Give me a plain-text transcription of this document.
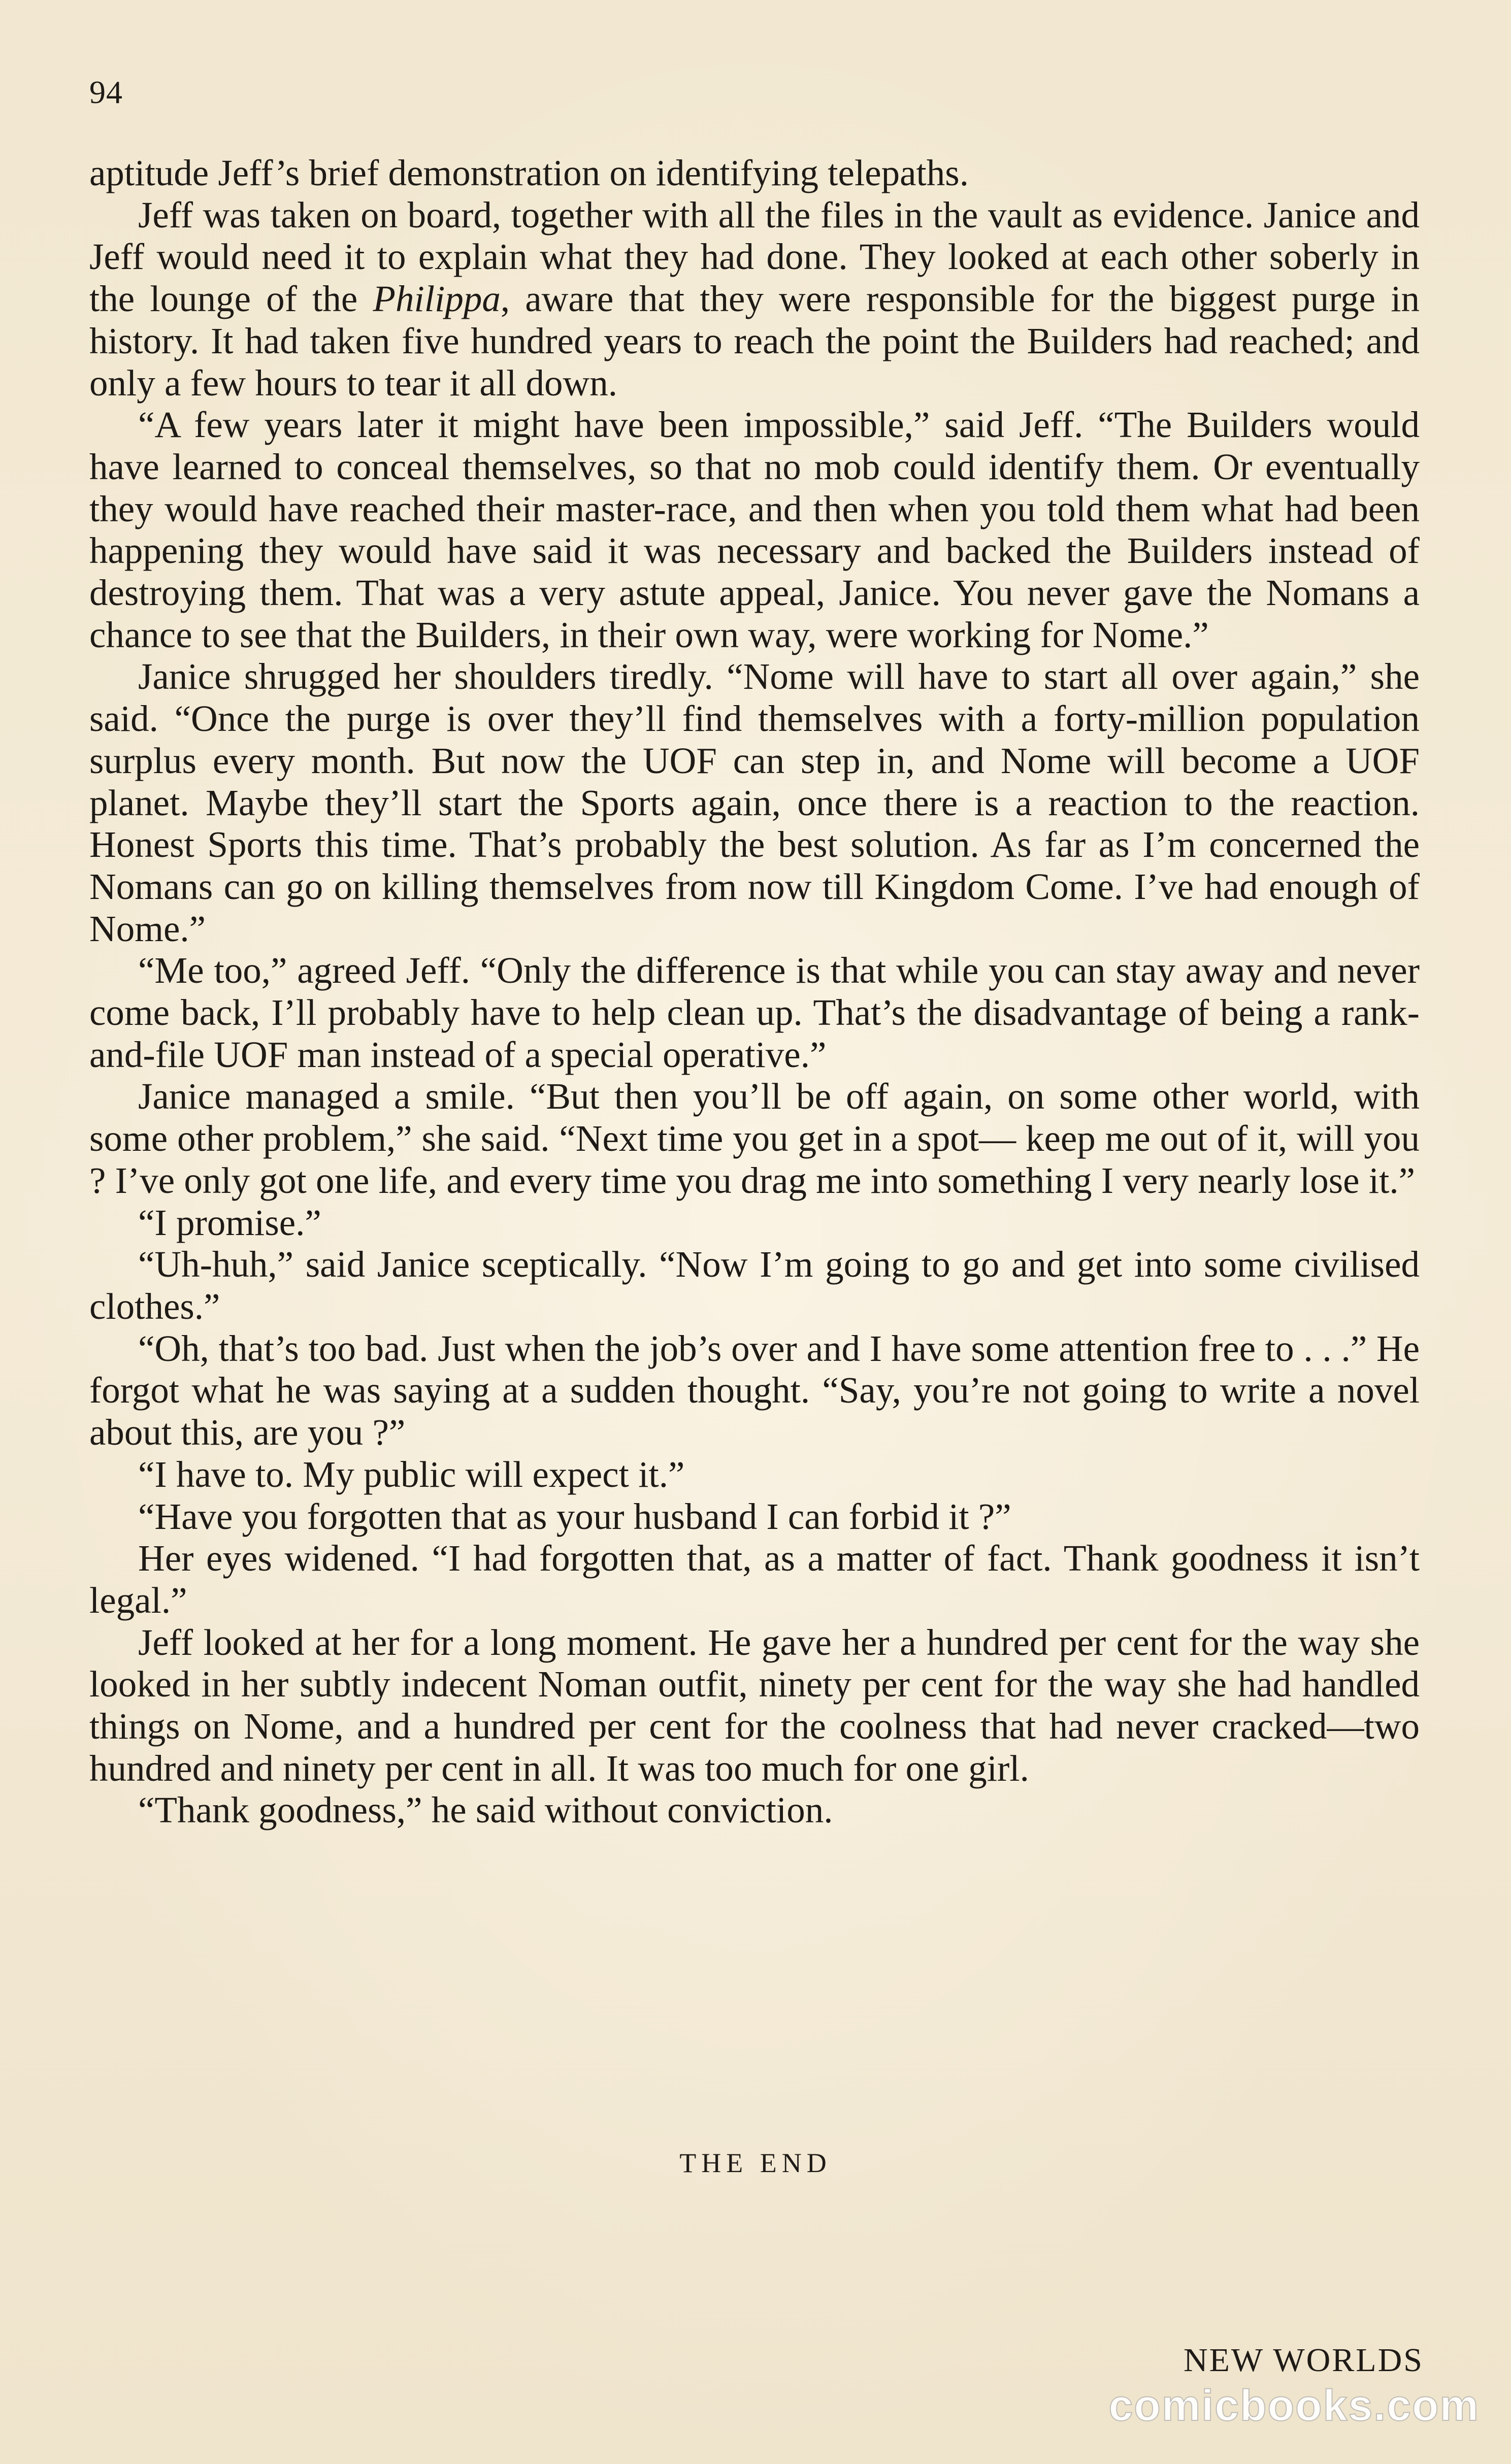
94

aptitude Jeff’s brief demonstration on identifying telepaths.

Jeff was taken on board, together with all the files in the vault as evidence. Janice and Jeff would need it to explain what they had done. They looked at each other soberly in the lounge of the Philippa, aware that they were responsible for the biggest purge in history. It had taken five hundred years to reach the point the Builders had reached; and only a few hours to tear it all down.

“A few years later it might have been impossible,” said Jeff. “The Builders would have learned to conceal themselves, so that no mob could identify them. Or eventually they would have reached their master-race, and then when you told them what had been happening they would have said it was necessary and backed the Builders instead of destroying them. That was a very astute appeal, Janice. You never gave the Nomans a chance to see that the Builders, in their own way, were working for Nome.”

Janice shrugged her shoulders tiredly. “Nome will have to start all over again,” she said. “Once the purge is over they’ll find themselves with a forty-million population surplus every month. But now the UOF can step in, and Nome will become a UOF planet. Maybe they’ll start the Sports again, once there is a reaction to the reaction. Honest Sports this time. That’s probably the best solution. As far as I’m concerned the Nomans can go on killing themselves from now till Kingdom Come. I’ve had enough of Nome.”

“Me too,” agreed Jeff. “Only the difference is that while you can stay away and never come back, I’ll probably have to help clean up. That’s the disadvantage of being a rank-and-file UOF man instead of a special operative.”

Janice managed a smile. “But then you’ll be off again, on some other world, with some other problem,” she said. “Next time you get in a spot— keep me out of it, will you ? I’ve only got one life, and every time you drag me into something I very nearly lose it.”

“I promise.”

“Uh-huh,” said Janice sceptically. “Now I’m going to go and get into some civilised clothes.”

“Oh, that’s too bad. Just when the job’s over and I have some attention free to . . .” He forgot what he was saying at a sudden thought. “Say, you’re not going to write a novel about this, are you ?”

“I have to. My public will expect it.”

“Have you forgotten that as your husband I can forbid it ?”

Her eyes widened. “I had forgotten that, as a matter of fact. Thank goodness it isn’t legal.”

Jeff looked at her for a long moment. He gave her a hundred per cent for the way she looked in her subtly indecent Noman outfit, ninety per cent for the way she had handled things on Nome, and a hundred per cent for the coolness that had never cracked—two hundred and ninety per cent in all. It was too much for one girl.

“Thank goodness,” he said without conviction.

THE END
NEW WORLDS
comicbooks.com
